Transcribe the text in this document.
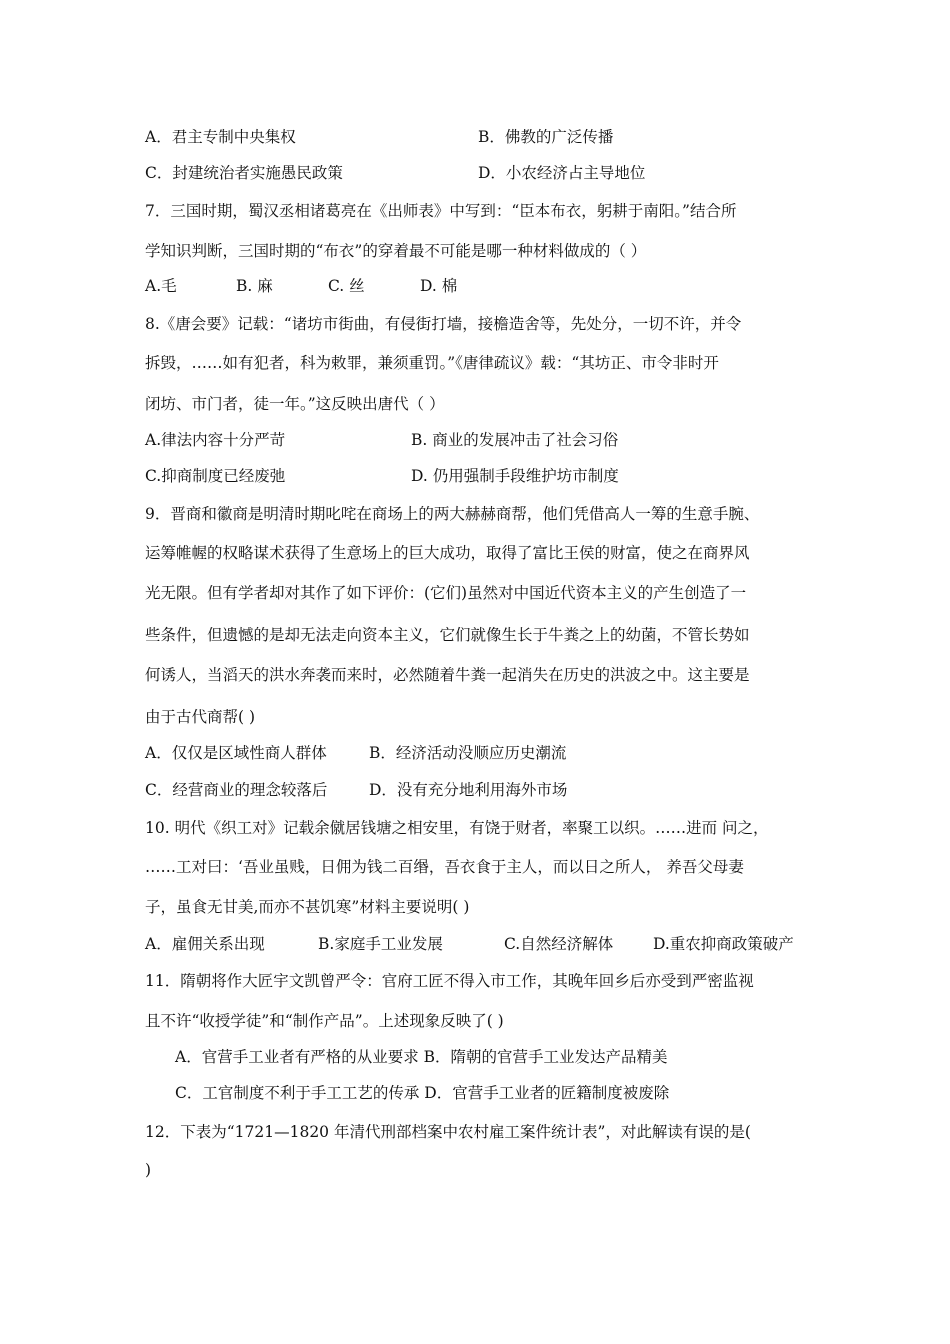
A．君主专制中央集权	B．佛教的广泛传播
C．封建统治者实施愚民政策	D．小农经济占主导地位
7．三国时期，蜀汉丞相诸葛亮在《出师表》中写到：“臣本布衣，躬耕于南阳。”结合所
学知识判断，三国时期的“布衣”的穿着最不可能是哪一种材料做成的（ ）
A.毛	B. 麻	C. 丝	D. 棉
8.《唐会要》记载：“诸坊市街曲，有侵街打墙，接檐造舍等，先处分，一切不许，并令
拆毁，……如有犯者，科为敕罪，兼须重罚。”《唐律疏议》载：“其坊正、市令非时开
闭坊、市门者，徒一年。”这反映出唐代（ ）
A.律法内容十分严苛	B. 商业的发展冲击了社会习俗
C.抑商制度已经废弛	D. 仍用强制手段维护坊市制度
9．晋商和徽商是明清时期叱咤在商场上的两大赫赫商帮，他们凭借高人一筹的生意手腕、
运筹帷幄的权略谋术获得了生意场上的巨大成功，取得了富比王侯的财富，使之在商界风
光无限。但有学者却对其作了如下评价：(它们)虽然对中国近代资本主义的产生创造了一
些条件，但遗憾的是却无法走向资本主义，它们就像生长于牛粪之上的幼菌，不管长势如
何诱人，当滔天的洪水奔袭而来时，必然随着牛粪一起消失在历史的洪波之中。这主要是
由于古代商帮( )
A．仅仅是区域性商人群体	B．经济活动没顺应历史潮流
C．经营商业的理念较落后	D．没有充分地利用海外市场
10. 明代《织工对》记载余僦居钱塘之相安里，有饶于财者，率聚工以织。……进而 问之，
……工对曰：‘吾业虽贱，日佣为钱二百缗，吾衣食于主人，而以日之所人， 养吾父母妻
子，虽食无甘美,而亦不甚饥寒”材料主要说明( )
A．雇佣关系出现	B.家庭手工业发展	C.自然经济解体	D.重农抑商政策破产
11．隋朝将作大匠宇文凯曾严令：官府工匠不得入市工作，其晚年回乡后亦受到严密监视
且不许“收授学徒”和“制作产品”。上述现象反映了( )
A．官营手工业者有严格的从业要求 B．隋朝的官营手工业发达产品精美
C．工官制度不利于手工工艺的传承 D．官营手工业者的匠籍制度被废除
12．下表为“1721—1820 年清代刑部档案中农村雇工案件统计表”，对此解读有误的是(
)
